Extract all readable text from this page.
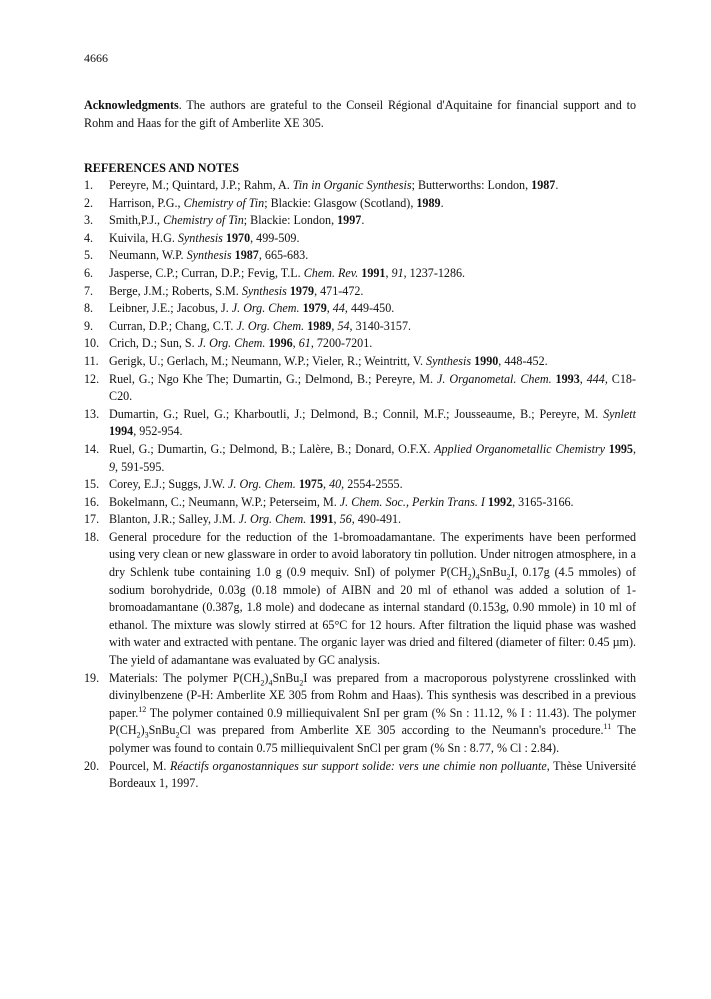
4666

Acknowledgments. The authors are grateful to the Conseil Régional d'Aquitaine for financial support and to Rohm and Haas for the gift of Amberlite XE 305.

REFERENCES AND NOTES
1. Pereyre, M.; Quintard, J.P.; Rahm, A. Tin in Organic Synthesis; Butterworths: London, 1987.
2. Harrison, P.G., Chemistry of Tin; Blackie: Glasgow (Scotland), 1989.
3. Smith,P.J., Chemistry of Tin; Blackie: London, 1997.
4. Kuivila, H.G. Synthesis 1970, 499-509.
5. Neumann, W.P. Synthesis 1987, 665-683.
6. Jasperse, C.P.; Curran, D.P.; Fevig, T.L. Chem. Rev. 1991, 91, 1237-1286.
7. Berge, J.M.; Roberts, S.M. Synthesis 1979, 471-472.
8. Leibner, J.E.; Jacobus, J. J. Org. Chem. 1979, 44, 449-450.
9. Curran, D.P.; Chang, C.T. J. Org. Chem. 1989, 54, 3140-3157.
10. Crich, D.; Sun, S. J. Org. Chem. 1996, 61, 7200-7201.
11. Gerigk, U.; Gerlach, M.; Neumann, W.P.; Vieler, R.; Weintritt, V. Synthesis 1990, 448-452.
12. Ruel, G.; Ngo Khe The; Dumartin, G.; Delmond, B.; Pereyre, M. J. Organometal. Chem. 1993, 444, C18-C20.
13. Dumartin, G.; Ruel, G.; Kharboutli, J.; Delmond, B.; Connil, M.F.; Jousseaume, B.; Pereyre, M. Synlett 1994, 952-954.
14. Ruel, G.; Dumartin, G.; Delmond, B.; Lalère, B.; Donard, O.F.X. Applied Organometallic Chemistry 1995, 9, 591-595.
15. Corey, E.J.; Suggs, J.W. J. Org. Chem. 1975, 40, 2554-2555.
16. Bokelmann, C.; Neumann, W.P.; Peterseim, M. J. Chem. Soc., Perkin Trans. I 1992, 3165-3166.
17. Blanton, J.R.; Salley, J.M. J. Org. Chem. 1991, 56, 490-491.
18. General procedure for the reduction of the 1-bromoadamantane. The experiments have been performed using very clean or new glassware in order to avoid laboratory tin pollution. Under nitrogen atmosphere, in a dry Schlenk tube containing 1.0 g (0.9 mequiv. SnI) of polymer $P(CH_2)_4SnBu_2I$, 0.17g (4.5 mmoles) of sodium borohydride, 0.03g (0.18 mmole) of AIBN and 20 ml of ethanol was added a solution of 1-bromoadamantane (0.387g, 1.8 mole) and dodecane as internal standard (0.153g, 0.90 mmole) in 10 ml of ethanol. The mixture was slowly stirred at 65°C for 12 hours. After filtration the liquid phase was washed with water and extracted with pentane. The organic layer was dried and filtered (diameter of filter: 0.45 µm). The yield of adamantane was evaluated by GC analysis.
19. Materials: The polymer $P(CH_2)_4SnBu_2I$ was prepared from a macroporous polystyrene crosslinked with divinylbenzene (P-H: Amberlite XE 305 from Rohm and Haas). This synthesis was described in a previous paper.$^{12}$ The polymer contained 0.9 milliequivalent SnI per gram (% Sn : 11.12, % I : 11.43). The polymer $P(CH_2)_3SnBu_2Cl$ was prepared from Amberlite XE 305 according to the Neumann's procedure.$^{11}$ The polymer was found to contain 0.75 milliequivalent SnCl per gram (% Sn : 8.77, % Cl : 2.84).
20. Pourcel, M. Réactifs organostanniques sur support solide: vers une chimie non polluante, Thèse Université Bordeaux 1, 1997.
